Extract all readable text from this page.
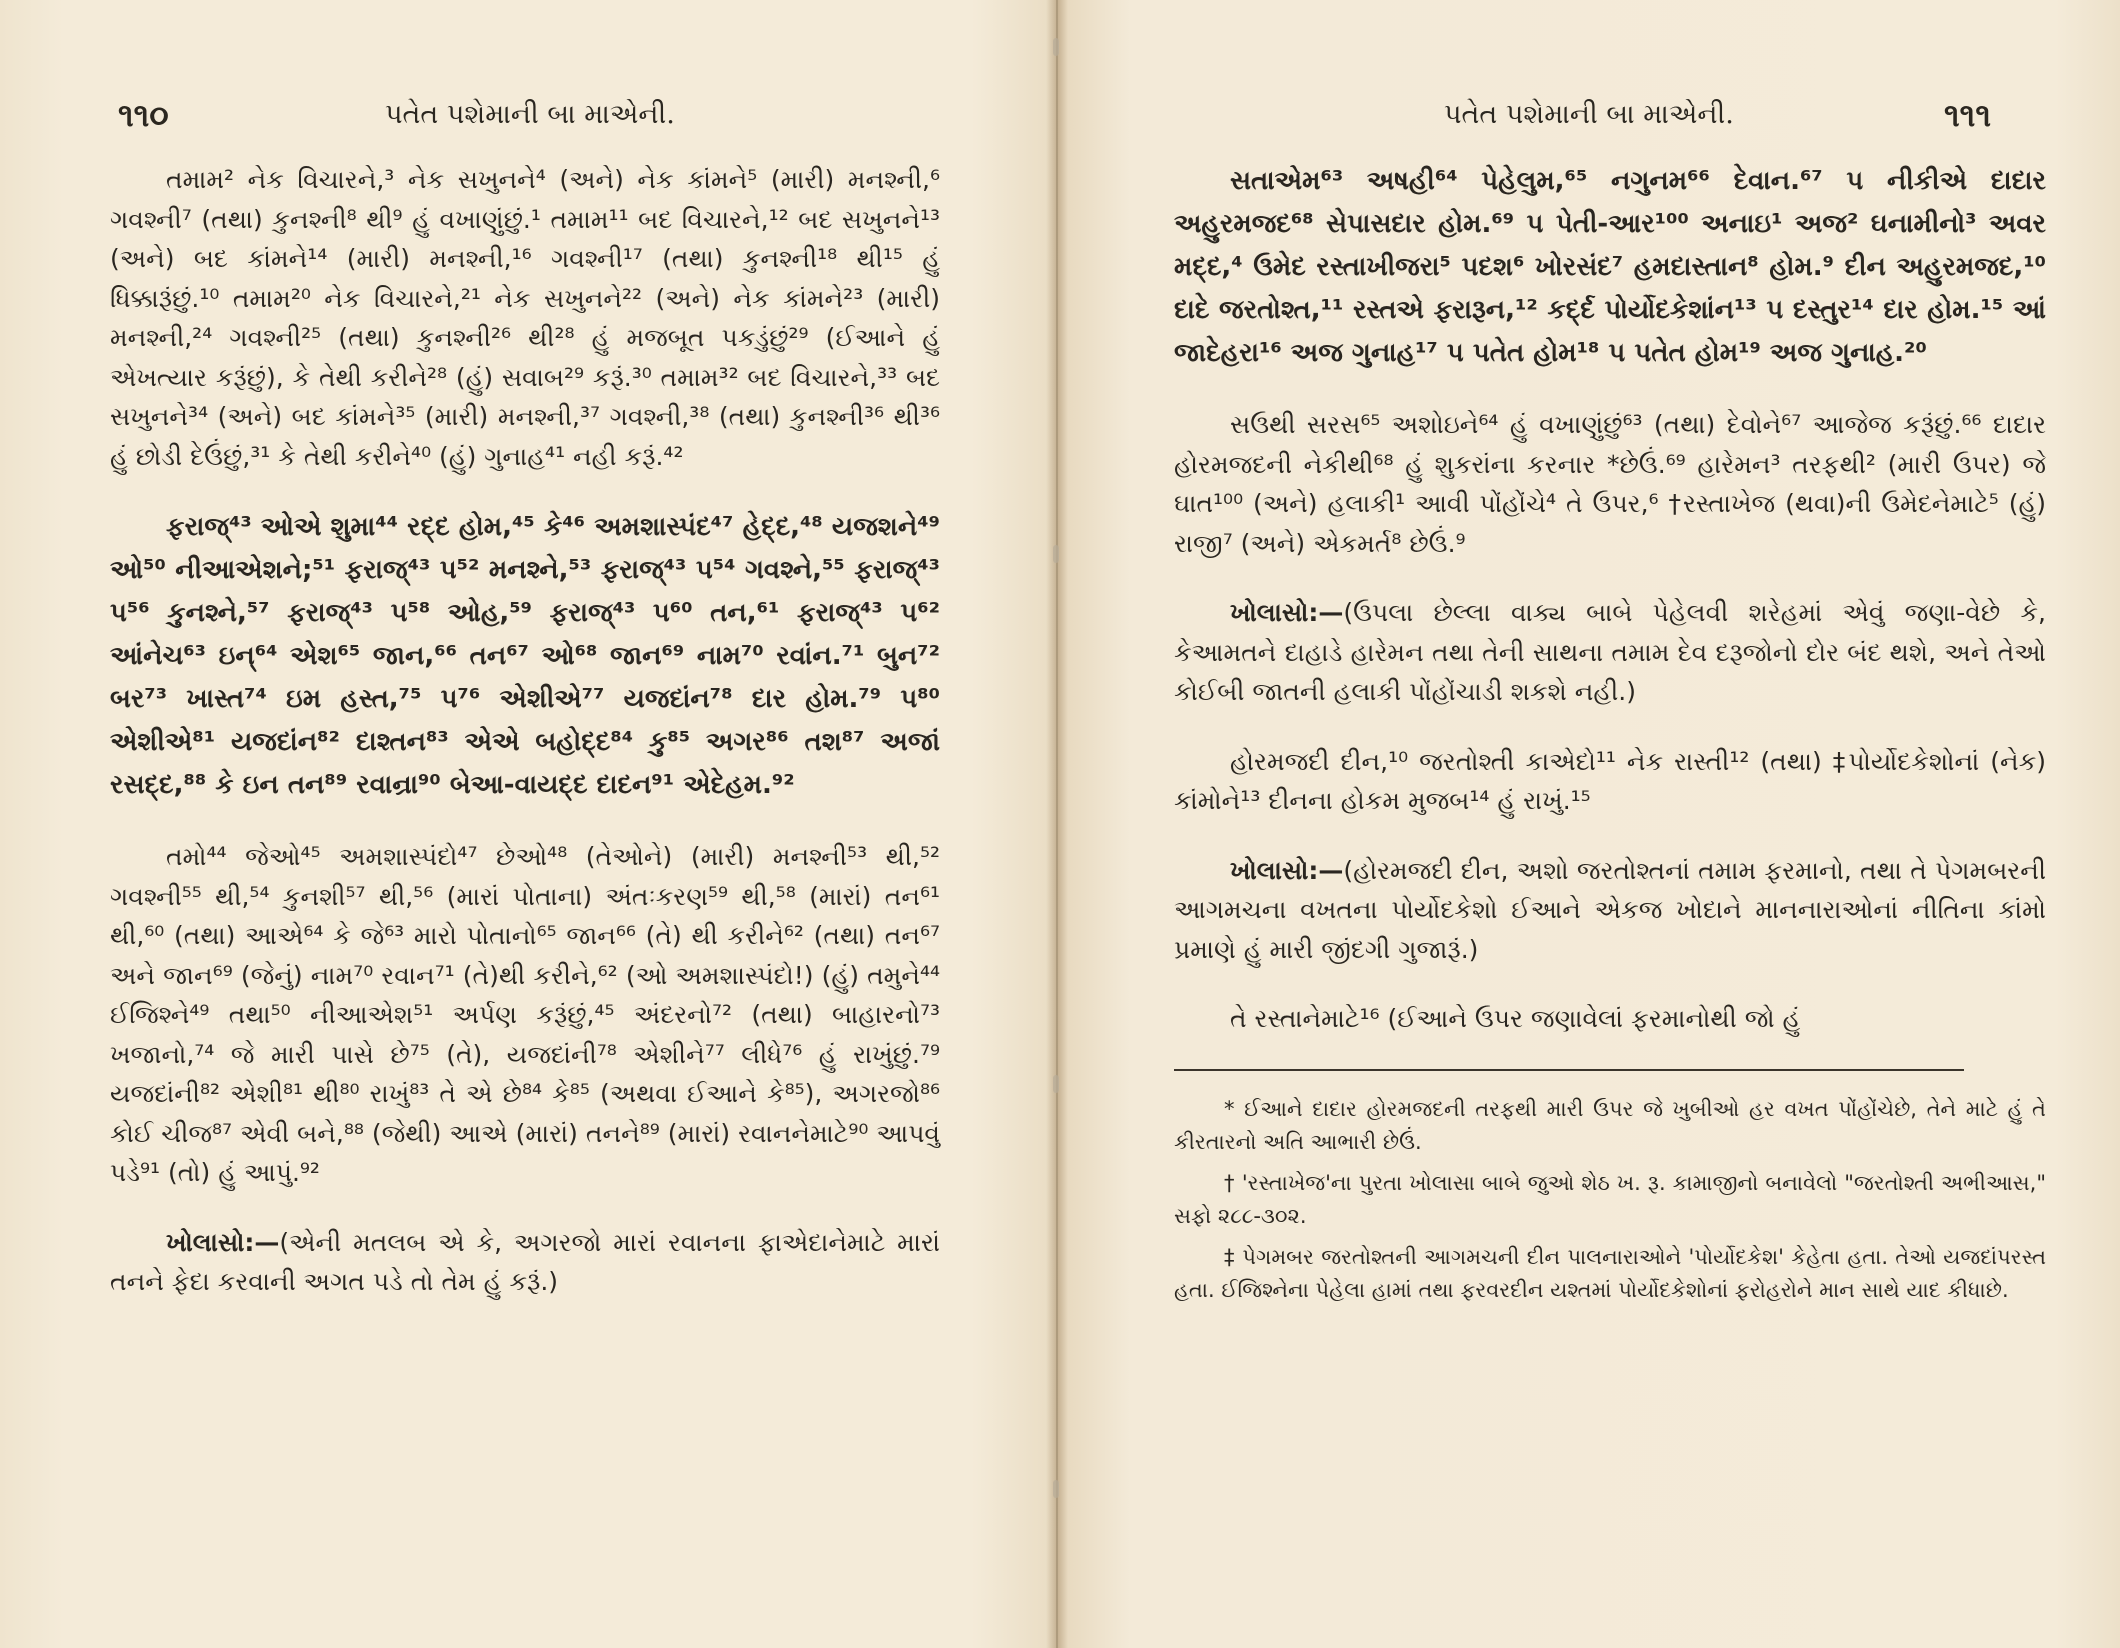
૧૧૦	પતેત પશેમાની બા માએની.

તમામ² નેક વિચારને,³ નેક સખુનને⁴ (અને) નેક કાંમને⁵ (મારી) મનશ્ની,⁶ ગવશ્ની⁷ (તથા) કુનશ્ની⁸ થી⁹ હું વખાણુંછું.¹ તમામ¹¹ બદ વિચારને,¹² બદ સખુનને¹³ (અને) બદ કાંમને¹⁴ (મારી) મનશ્ની,¹⁶ ગવશ્ની¹⁷ (તથા) કુનશ્ની¹⁸ થી¹⁵ હું ધિક્કારૂંછું.¹⁰ તમામ²⁰ નેક વિચારને,²¹ નેક સખુનને²² (અને) નેક કાંમને²³ (મારી) મનશ્ની,²⁴ ગવશ્ની²⁵ (તથા) કુનશ્ની²⁶ થી²⁸ હું મજબૂત પકડુંછું²⁹ (ઈઆને હું એખત્યાર કરૂંછું), કે તેથી કરીને²⁸ (હું) સવાબ²⁹ કરૂં.³⁰ તમામ³² બદ વિચારને,³³ બદ સખુનને³⁴ (અને) બદ કાંમને³⁵ (મારી) મનશ્ની,³⁷ ગવશ્ની,³⁸ (તથા) કુનશ્ની³⁶ થી³⁶ હું છોડી દેઉંછું,³¹ કે તેથી કરીને⁴⁰ (હું) ગુનાહ⁴¹ નહી કરૂં.⁴²

ફરાજ્⁴³ ઓએ શુમા⁴⁴ રદ્દ હોમ,⁴⁵ કે⁴⁶ અમશાસ્પંદ⁴⁷ હેદ્દ,⁴⁸ યજશને⁴⁹ ઓ⁵⁰ નીઆએશને;⁵¹ ફરાજ્⁴³ પ⁵² મનશ્ને,⁵³ ફરાજ્⁴³ પ⁵⁴ ગવશ્ને,⁵⁵ ફરાજ્⁴³ પ⁵⁶ કુનશ્ને,⁵⁷ ફરાજ્⁴³ પ⁵⁸ ઓહ,⁵⁹ ફરાજ્⁴³ પ⁶⁰ તન,⁶¹ ફરાજ્⁴³ પ⁶² આંનેચ⁶³ ઇન્⁶⁴ એશ⁶⁵ જાન,⁶⁶ તન⁶⁷ ઓ⁶⁸ જાન⁶⁹ નામ⁷⁰ રવાંન.⁷¹ બુન⁷² બર⁷³ ખાસ્ત⁷⁴ ઇમ હસ્ત,⁷⁵ પ⁷⁶ એશીએ⁷⁷ યજદાંન⁷⁸ દાર હોમ.⁷⁹ પ⁸⁰ એશીએ⁸¹ યજદાંન⁸² દાશ્તન⁸³ એએ બહોદ્દ⁸⁴ કુ⁸⁵ અગર⁸⁶ તશ⁸⁷ અજાં રસદ્દ,⁸⁸ કે ઇન તન⁸⁹ રવાન્રા⁹⁰ બેઆ-વાયદ્દ દાદન⁹¹ એદેહમ.⁹²

તમો⁴⁴ જેઓ⁴⁵ અમશાસ્પંદો⁴⁷ છેઓ⁴⁸ (તેઓને) (મારી) મનશ્ની⁵³ થી,⁵² ગવશ્ની⁵⁵ થી,⁵⁴ કુનશી⁵⁷ થી,⁵⁶ (મારાં પોતાના) અંતઃકરણ⁵⁹ થી,⁵⁸ (મારાં) તન⁶¹ થી,⁶⁰ (તથા) આએ⁶⁴ કે જે⁶³ મારો પોતાનો⁶⁵ જાન⁶⁶ (તે) થી કરીને⁶² (તથા) તન⁶⁷ અને જાન⁶⁹ (જેનું) નામ⁷⁰ રવાન⁷¹ (તે)થી કરીને,⁶² (ઓ અમશાસ્પંદો!) (હું) તમુને⁴⁴ ઈજિશ્ને⁴⁹ તથા⁵⁰ નીઆએશ⁵¹ અર્પણ કરૂંછું,⁴⁵ અંદરનો⁷² (તથા) બાહારનો⁷³ ખજાનો,⁷⁴ જે મારી પાસે છે⁷⁵ (તે), યજદાંની⁷⁸ એશીને⁷⁷ લીધે⁷⁶ હું રાખુંછું.⁷⁹ યજદાંની⁸² એશી⁸¹ થી⁸⁰ રાખું⁸³ તે એ છે⁸⁴ કે⁸⁵ (અથવા ઈઆને કે⁸⁵), અગરજો⁸⁶ કોઈ ચીજ⁸⁷ એવી બને,⁸⁸ (જેથી) આએ (મારાં) તનને⁸⁹ (મારાં) રવાનનેમાટે⁹⁰ આપવું પડે⁹¹ (તો) હું આપું.⁹²

ખોલાસો:—(એની મતલબ એ કે, અગરજો મારાં રવાનના ફાએદાનેમાટે મારાં તનને ફેદા કરવાની અગત પડે તો તેમ હું કરૂં.)

પતેત પશેમાની બા માએની.	૧૧૧

સતાએમ⁶³ અષહી⁶⁴ પેહેલુમ,⁶⁵ નગુનમ⁶⁶ દેવાન.⁶⁷ પ નીકીએ દાદાર અહુરમજદ⁶⁸ સેપાસદાર હોમ.⁶⁹ પ પેતી-આર¹⁰⁰ અનાઇ¹ અજ² ઘનામીનો³ અવર મદ્દ,⁴ ઉમેદ રસ્તાખીજરા⁵ પદશ⁶ ખોરસંદ⁷ હમદાસ્તાન⁸ હોમ.⁹ દીન અહુરમજદ,¹⁰ દાદે જરતોશ્ત,¹¹ રસ્તએ ફરારૂન,¹² કર્દ્દ પોર્યોદકેશાંન¹³ પ દસ્તુર¹⁴ દાર હોમ.¹⁵ આં જાદેહરા¹⁶ અજ ગુનાહ¹⁷ પ પતેત હોમ¹⁸ પ પતેત હોમ¹⁹ અજ ગુનાહ.²⁰

સઉથી સરસ⁶⁵ અશોઇને⁶⁴ હું વખાણુંછું⁶³ (તથા) દેવોને⁶⁷ આજેજ કરૂંછું.⁶⁶ દાદાર હોરમજદની નેકીથી⁶⁸ હું શુકરાંના કરનાર *છેઉં.⁶⁹ હારેમન³ તરફથી² (મારી ઉપર) જે ઘાત¹⁰⁰ (અને) હલાકી¹ આવી પોંહોંચે⁴ તે ઉપર,⁶ †રસ્તાખેજ (થવા)ની ઉમેદનેમાટે⁵ (હું) રાજી⁷ (અને) એકમર્ત⁸ છેઉં.⁹

ખોલાસો:—(ઉપલા છેલ્લા વાક્ય બાબે પેહેલવી શરેહમાં એવું જણા-વેછે કે, કેઆમતને દાહાડે હારેમન તથા તેની સાથના તમામ દેવ દરૂજોનો દોર બંદ થશે, અને તેઓ કોઈબી જાતની હલાકી પોંહોંચાડી શકશે નહી.)

હોરમજદી દીન,¹⁰ જરતોશ્તી કાએદો¹¹ નેક રાસ્તી¹² (તથા) ‡પોર્યોદકેશોનાં (નેક) કાંમોને¹³ દીનના હોકમ મુજબ¹⁴ હું રાખું.¹⁵

ખોલાસો:—(હોરમજદી દીન, અશો જરતોશ્તનાં તમામ ફરમાનો, તથા તે પેગમબરની આગમચના વખતના પોર્યોદકેશો ઈઆને એકજ ખોદાને માનનારાઓનાં નીતિના કાંમો પ્રમાણે હું મારી જીંદગી ગુજારૂં.)

તે રસ્તાનેમાટે¹⁶ (ઈઆને ઉપર જણાવેલાં ફરમાનોથી જો હું

* ઈઆને દાદાર હોરમજદની તરફથી મારી ઉપર જે ખુબીઓ હર વખત પોંહોંચેછે, તેને માટે હું તે કીરતારનો અતિ આભારી છેઉં.

† 'રસ્તાખેજ'ના પુરતા ખોલાસા બાબે જુઓ શેઠ ખ. રૂ. કામાજીનો બનાવેલો "જરતોશ્તી અભીઆસ," સફો ૨૮૮-૩૦૨.

‡ પેગમબર જરતોશ્તની આગમચની દીન પાલનારાઓને 'પોર્યોદકેશ' કેહેતા હતા. તેઓ યજદાંપરસ્ત હતા. ઈજિશ્નેના પેહેલા હામાં તથા ફરવરદીન યશ્તમાં પોર્યોદકેશોનાં ફરોહરોને માન સાથે યાદ કીધાછે.
